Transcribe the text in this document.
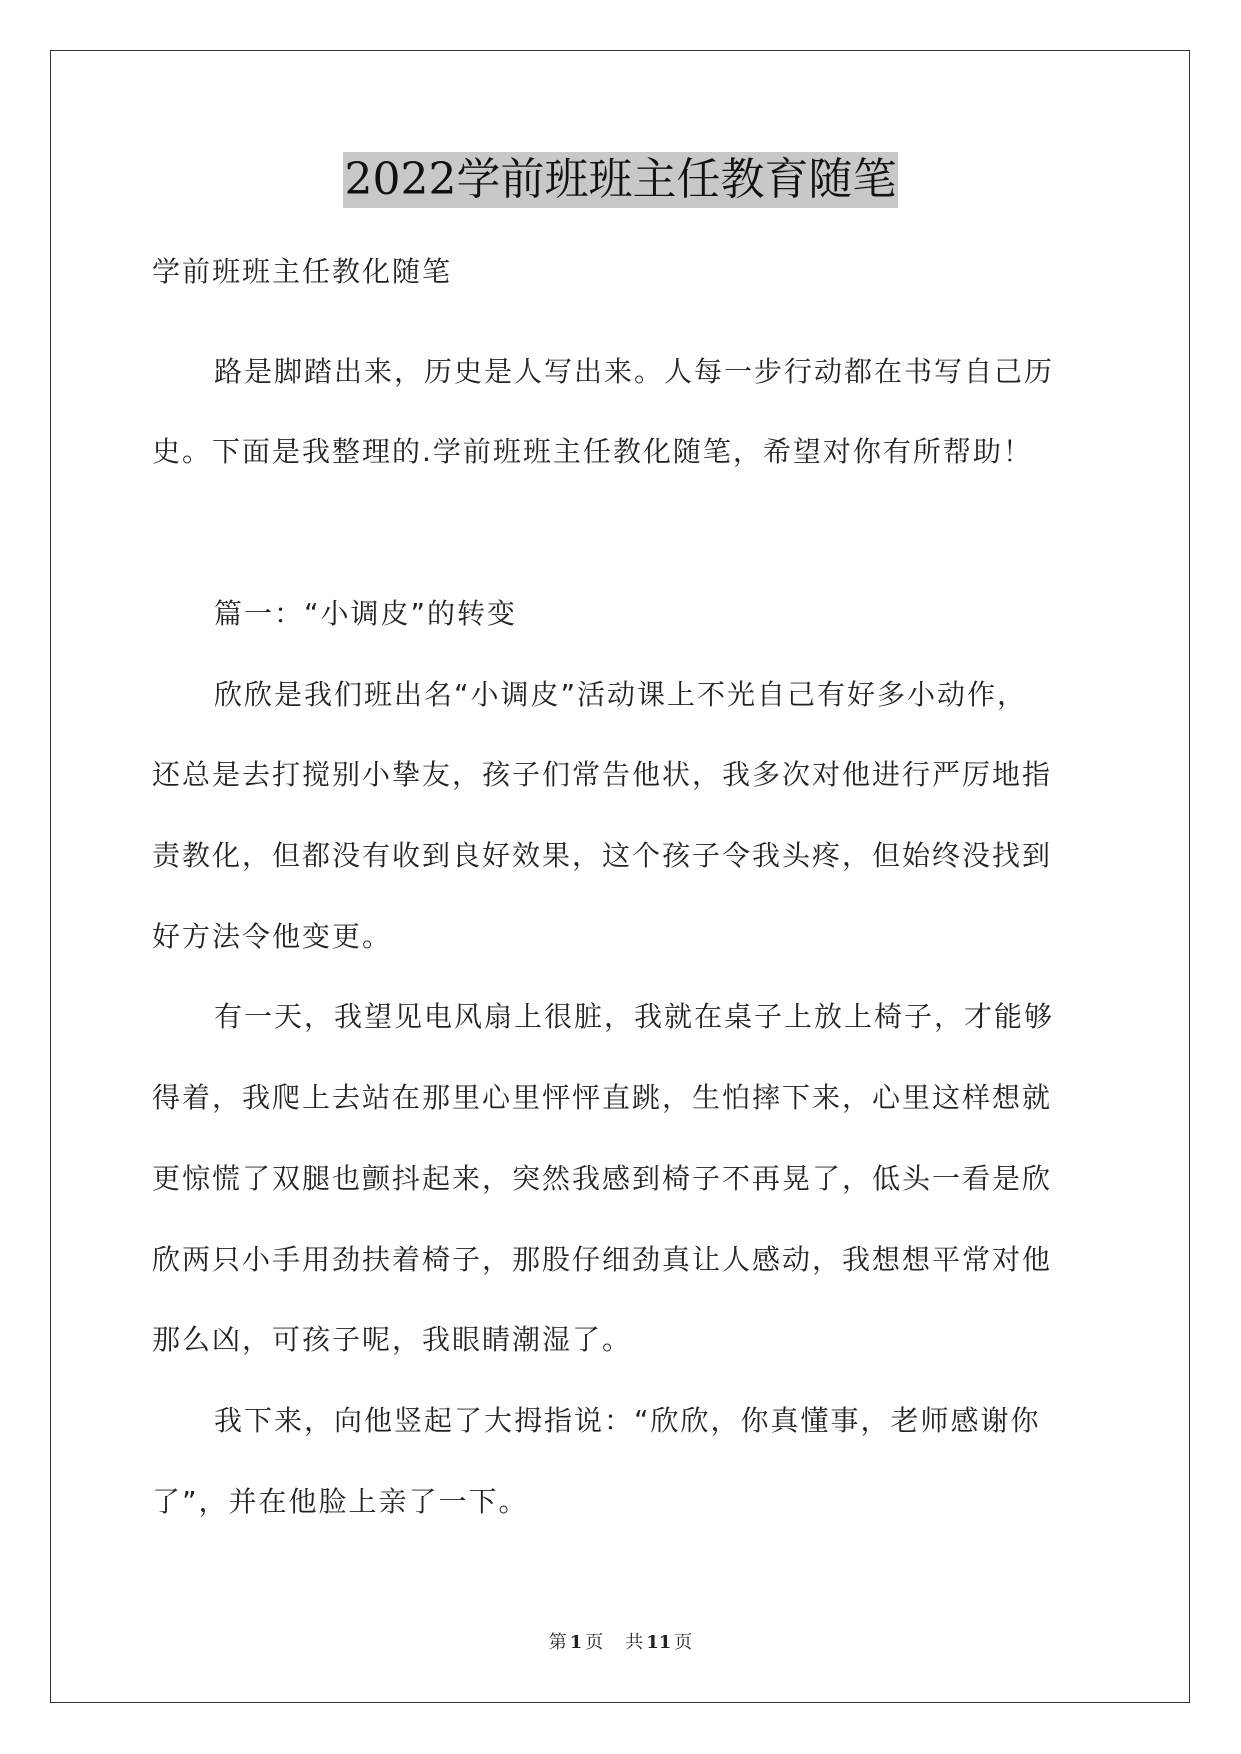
2022学前班班主任教育随笔
学前班班主任教化随笔
路是脚踏出来，历史是人写出来。人每一步行动都在书写自己历
史。下面是我整理的.学前班班主任教化随笔，希望对你有所帮助！
篇一：“小调皮”的转变
欣欣是我们班出名“小调皮”活动课上不光自己有好多小动作，
还总是去打搅别小挚友，孩子们常告他状，我多次对他进行严厉地指
责教化，但都没有收到良好效果，这个孩子令我头疼，但始终没找到
好方法令他变更。
有一天，我望见电风扇上很脏，我就在桌子上放上椅子，才能够
得着，我爬上去站在那里心里怦怦直跳，生怕摔下来，心里这样想就
更惊慌了双腿也颤抖起来，突然我感到椅子不再晃了，低头一看是欣
欣两只小手用劲扶着椅子，那股仔细劲真让人感动，我想想平常对他
那么凶，可孩子呢，我眼睛潮湿了。
我下来，向他竖起了大拇指说：“欣欣，你真懂事，老师感谢你
了”，并在他脸上亲了一下。
第 1 页 共 11 页
